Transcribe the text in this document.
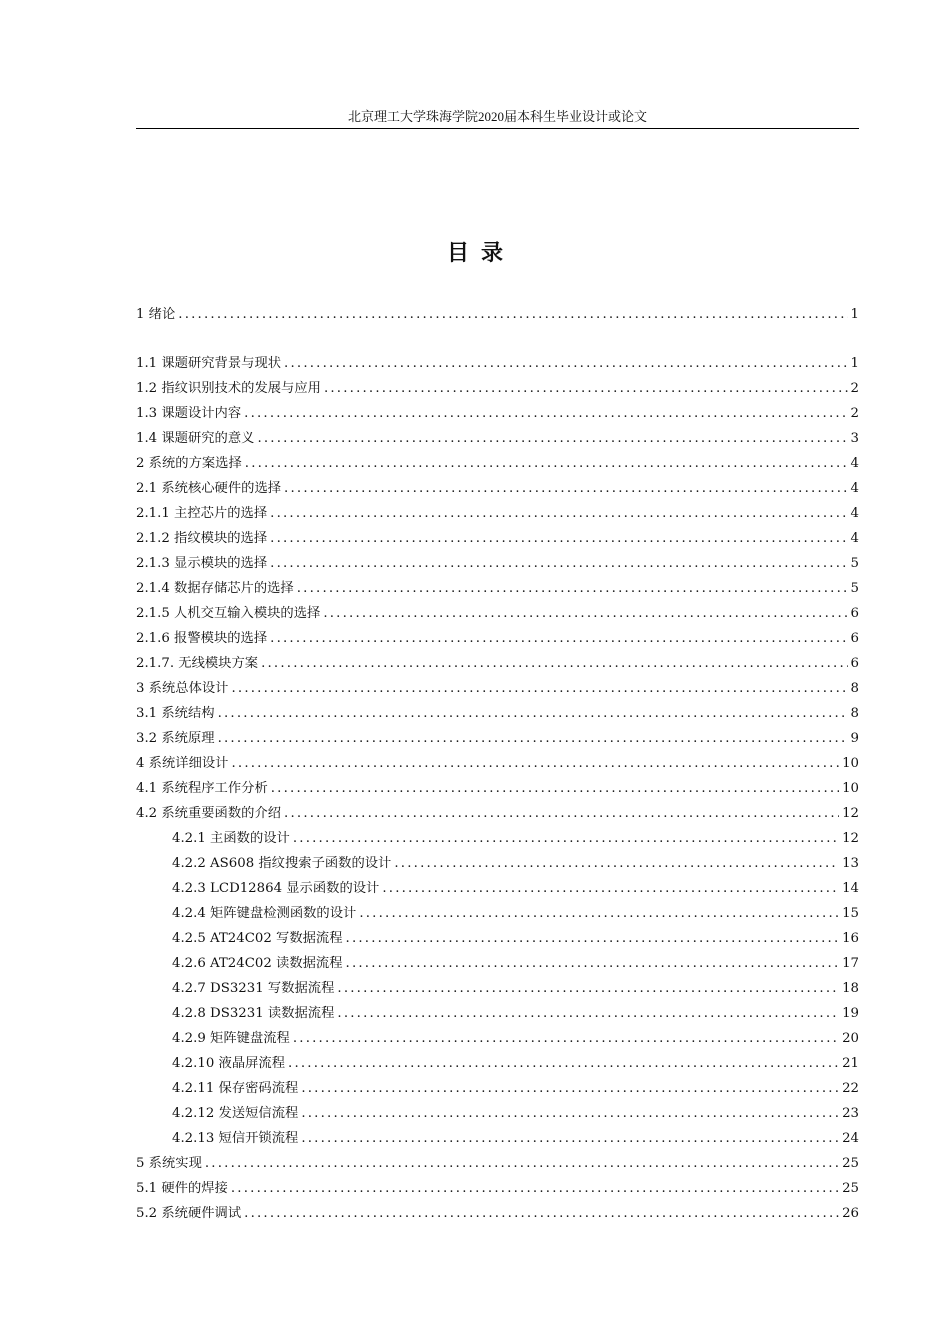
北京理工大学珠海学院2020届本科生毕业设计或论文
目录
1 绪论 .....	1
1.1 课题研究背景与现状 .....	1
1.2 指纹识别技术的发展与应用 .....	2
1.3 课题设计内容 .....	2
1.4 课题研究的意义 .....	3
2 系统的方案选择 .....	4
2.1 系统核心硬件的选择 .....	4
2.1.1 主控芯片的选择 .....	4
2.1.2 指纹模块的选择 .....	4
2.1.3 显示模块的选择 .....	5
2.1.4 数据存储芯片的选择 .....	5
2.1.5 人机交互输入模块的选择 .....	6
2.1.6 报警模块的选择 .....	6
2.1.7. 无线模块方案 .....	6
3 系统总体设计 .....	8
3.1 系统结构 .....	8
3.2 系统原理 .....	9
4 系统详细设计 .....	10
4.1 系统程序工作分析 .....	10
4.2 系统重要函数的介绍 .....	12
4.2.1 主函数的设计 .....	12
4.2.2 AS608 指纹搜索子函数的设计 .....	13
4.2.3 LCD12864 显示函数的设计 .....	14
4.2.4 矩阵键盘检测函数的设计 .....	15
4.2.5 AT24C02 写数据流程 .....	16
4.2.6 AT24C02 读数据流程 .....	17
4.2.7 DS3231 写数据流程 .....	18
4.2.8 DS3231 读数据流程 .....	19
4.2.9 矩阵键盘流程 .....	20
4.2.10 液晶屏流程 .....	21
4.2.11 保存密码流程 .....	22
4.2.12 发送短信流程 .....	23
4.2.13 短信开锁流程 .....	24
5 系统实现 .....	25
5.1 硬件的焊接 .....	25
5.2 系统硬件调试 .....	26
